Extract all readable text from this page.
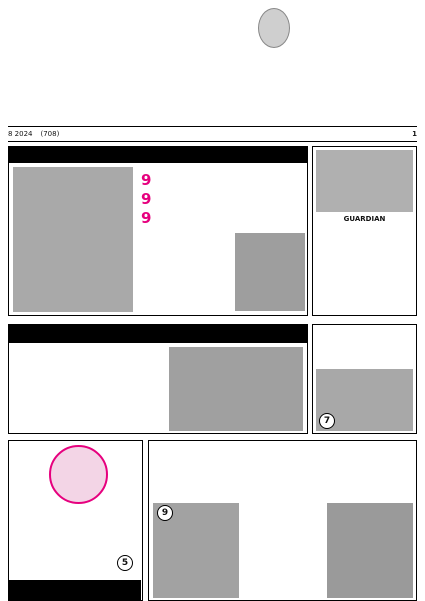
8 2024 (708)	1
9
9
9	GUARDIAN
7
5
9
